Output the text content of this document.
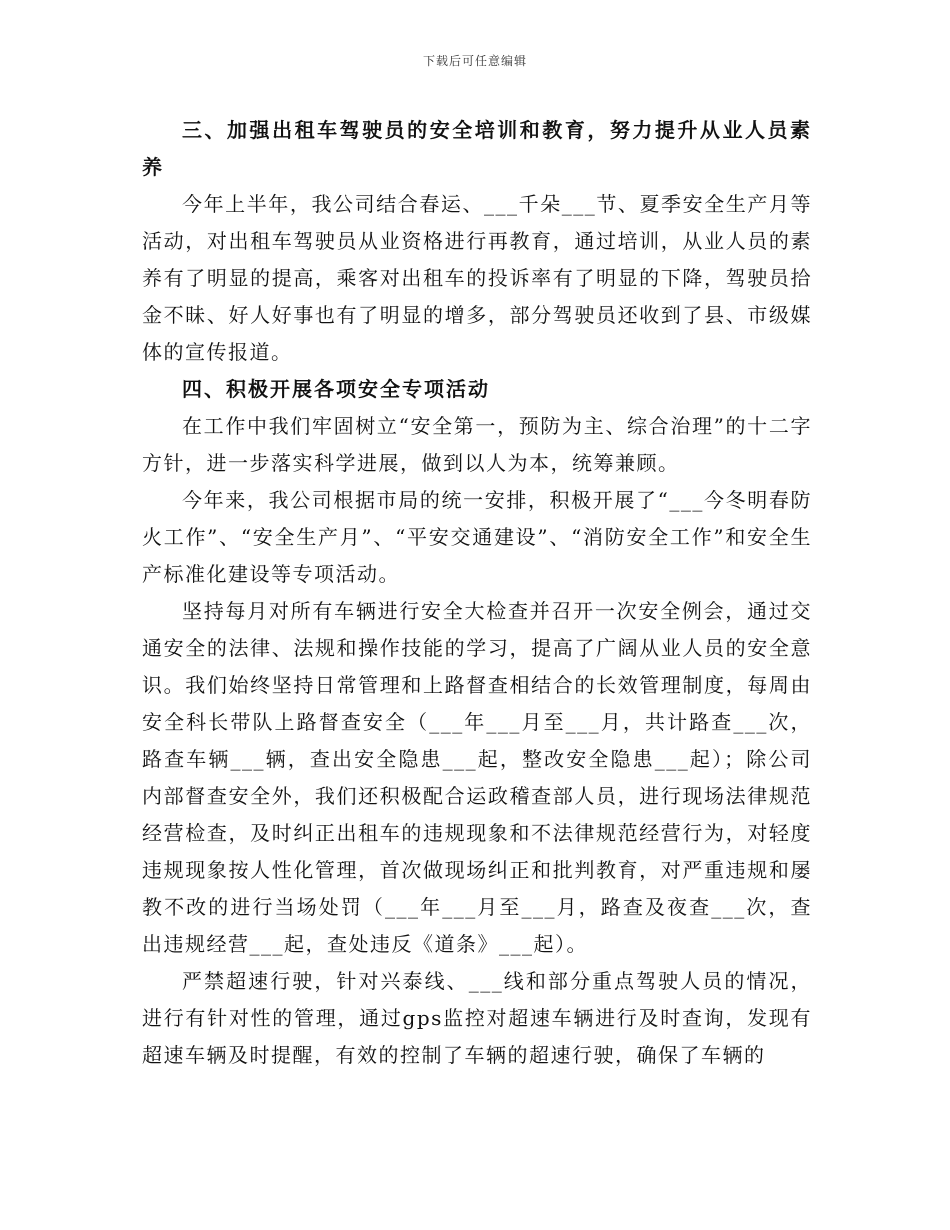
下载后可任意编辑

三、加强出租车驾驶员的安全培训和教育，努力提升从业人员素养

今年上半年，我公司结合春运、___千朵___节、夏季安全生产月等活动，对出租车驾驶员从业资格进行再教育，通过培训，从业人员的素养有了明显的提高，乘客对出租车的投诉率有了明显的下降，驾驶员拾金不昧、好人好事也有了明显的增多，部分驾驶员还收到了县、市级媒体的宣传报道。

四、积极开展各项安全专项活动

在工作中我们牢固树立“安全第一，预防为主、综合治理”的十二字方针，进一步落实科学进展，做到以人为本，统筹兼顾。

今年来，我公司根据市局的统一安排，积极开展了“___今冬明春防火工作”、“安全生产月”、“平安交通建设”、“消防安全工作”和安全生产标准化建设等专项活动。

坚持每月对所有车辆进行安全大检查并召开一次安全例会，通过交通安全的法律、法规和操作技能的学习，提高了广阔从业人员的安全意识。我们始终坚持日常管理和上路督查相结合的长效管理制度，每周由安全科长带队上路督查安全（___年___月至___月，共计路查___次，路查车辆___辆，查出安全隐患___起，整改安全隐患___起）；除公司内部督查安全外，我们还积极配合运政稽查部人员，进行现场法律规范经营检查，及时纠正出租车的违规现象和不法律规范经营行为，对轻度违规现象按人性化管理，首次做现场纠正和批判教育，对严重违规和屡教不改的进行当场处罚（___年___月至___月，路查及夜查___次，查出违规经营___起，查处违反《道条》___起）。

严禁超速行驶，针对兴泰线、___线和部分重点驾驶人员的情况，进行有针对性的管理，通过gps监控对超速车辆进行及时查询，发现有超速车辆及时提醒，有效的控制了车辆的超速行驶，确保了车辆的
